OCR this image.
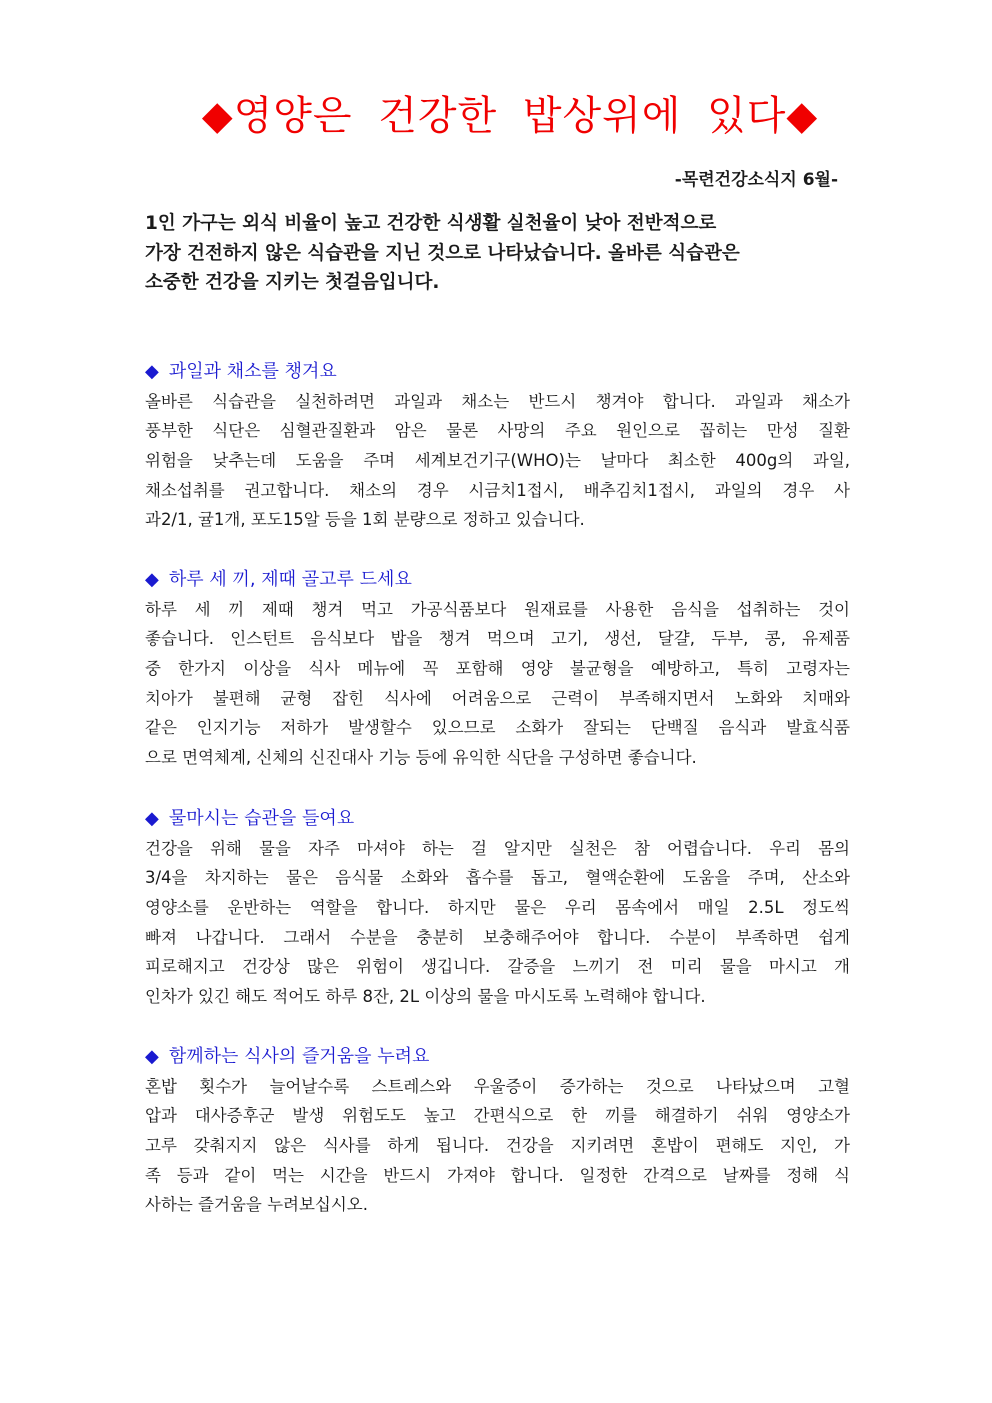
◆영양은 건강한 밥상위에 있다◆
-목련건강소식지 6월-
1인 가구는 외식 비율이 높고 건강한 식생활 실천율이 낮아 전반적으로
가장 건전하지 않은 식습관을 지닌 것으로 나타났습니다. 올바른 식습관은
소중한 건강을 지키는 첫걸음입니다.
◆ 과일과 채소를 챙겨요
올바른 식습관을 실천하려면 과일과 채소는 반드시 챙겨야 합니다. 과일과 채소가
풍부한 식단은 심혈관질환과 암은 물론 사망의 주요 원인으로 꼽히는 만성 질환
위험을 낮추는데 도움을 주며 세계보건기구(WHO)는 날마다 최소한 400g의 과일,
채소섭취를 권고합니다. 채소의 경우 시금치1접시, 배추김치1접시, 과일의 경우 사
과2/1, 귤1개, 포도15알 등을 1회 분량으로 정하고 있습니다.
◆ 하루 세 끼, 제때 골고루 드세요
하루 세 끼 제때 챙겨 먹고 가공식품보다 원재료를 사용한 음식을 섭취하는 것이
좋습니다. 인스턴트 음식보다 밥을 챙겨 먹으며 고기, 생선, 달걀, 두부, 콩, 유제품
중 한가지 이상을 식사 메뉴에 꼭 포함해 영양 불균형을 예방하고, 특히 고령자는
치아가 불편해 균형 잡힌 식사에 어려움으로 근력이 부족해지면서 노화와 치매와
같은 인지기능 저하가 발생할수 있으므로 소화가 잘되는 단백질 음식과 발효식품
으로 면역체계, 신체의 신진대사 기능 등에 유익한 식단을 구성하면 좋습니다.
◆ 물마시는 습관을 들여요
건강을 위해 물을 자주 마셔야 하는 걸 알지만 실천은 참 어렵습니다. 우리 몸의
3/4을 차지하는 물은 음식물 소화와 흡수를 돕고, 혈액순환에 도움을 주며, 산소와
영양소를 운반하는 역할을 합니다. 하지만 물은 우리 몸속에서 매일 2.5L 정도씩
빠져 나갑니다. 그래서 수분을 충분히 보충해주어야 합니다. 수분이 부족하면 쉽게
피로해지고 건강상 많은 위험이 생깁니다. 갈증을 느끼기 전 미리 물을 마시고 개
인차가 있긴 해도 적어도 하루 8잔, 2L 이상의 물을 마시도록 노력해야 합니다.
◆ 함께하는 식사의 즐거움을 누려요
혼밥 횟수가 늘어날수록 스트레스와 우울증이 증가하는 것으로 나타났으며 고혈
압과 대사증후군 발생 위험도도 높고 간편식으로 한 끼를 해결하기 쉬워 영양소가
고루 갖춰지지 않은 식사를 하게 됩니다. 건강을 지키려면 혼밥이 편해도 지인, 가
족 등과 같이 먹는 시간을 반드시 가져야 합니다. 일정한 간격으로 날짜를 정해 식
사하는 즐거움을 누려보십시오.
